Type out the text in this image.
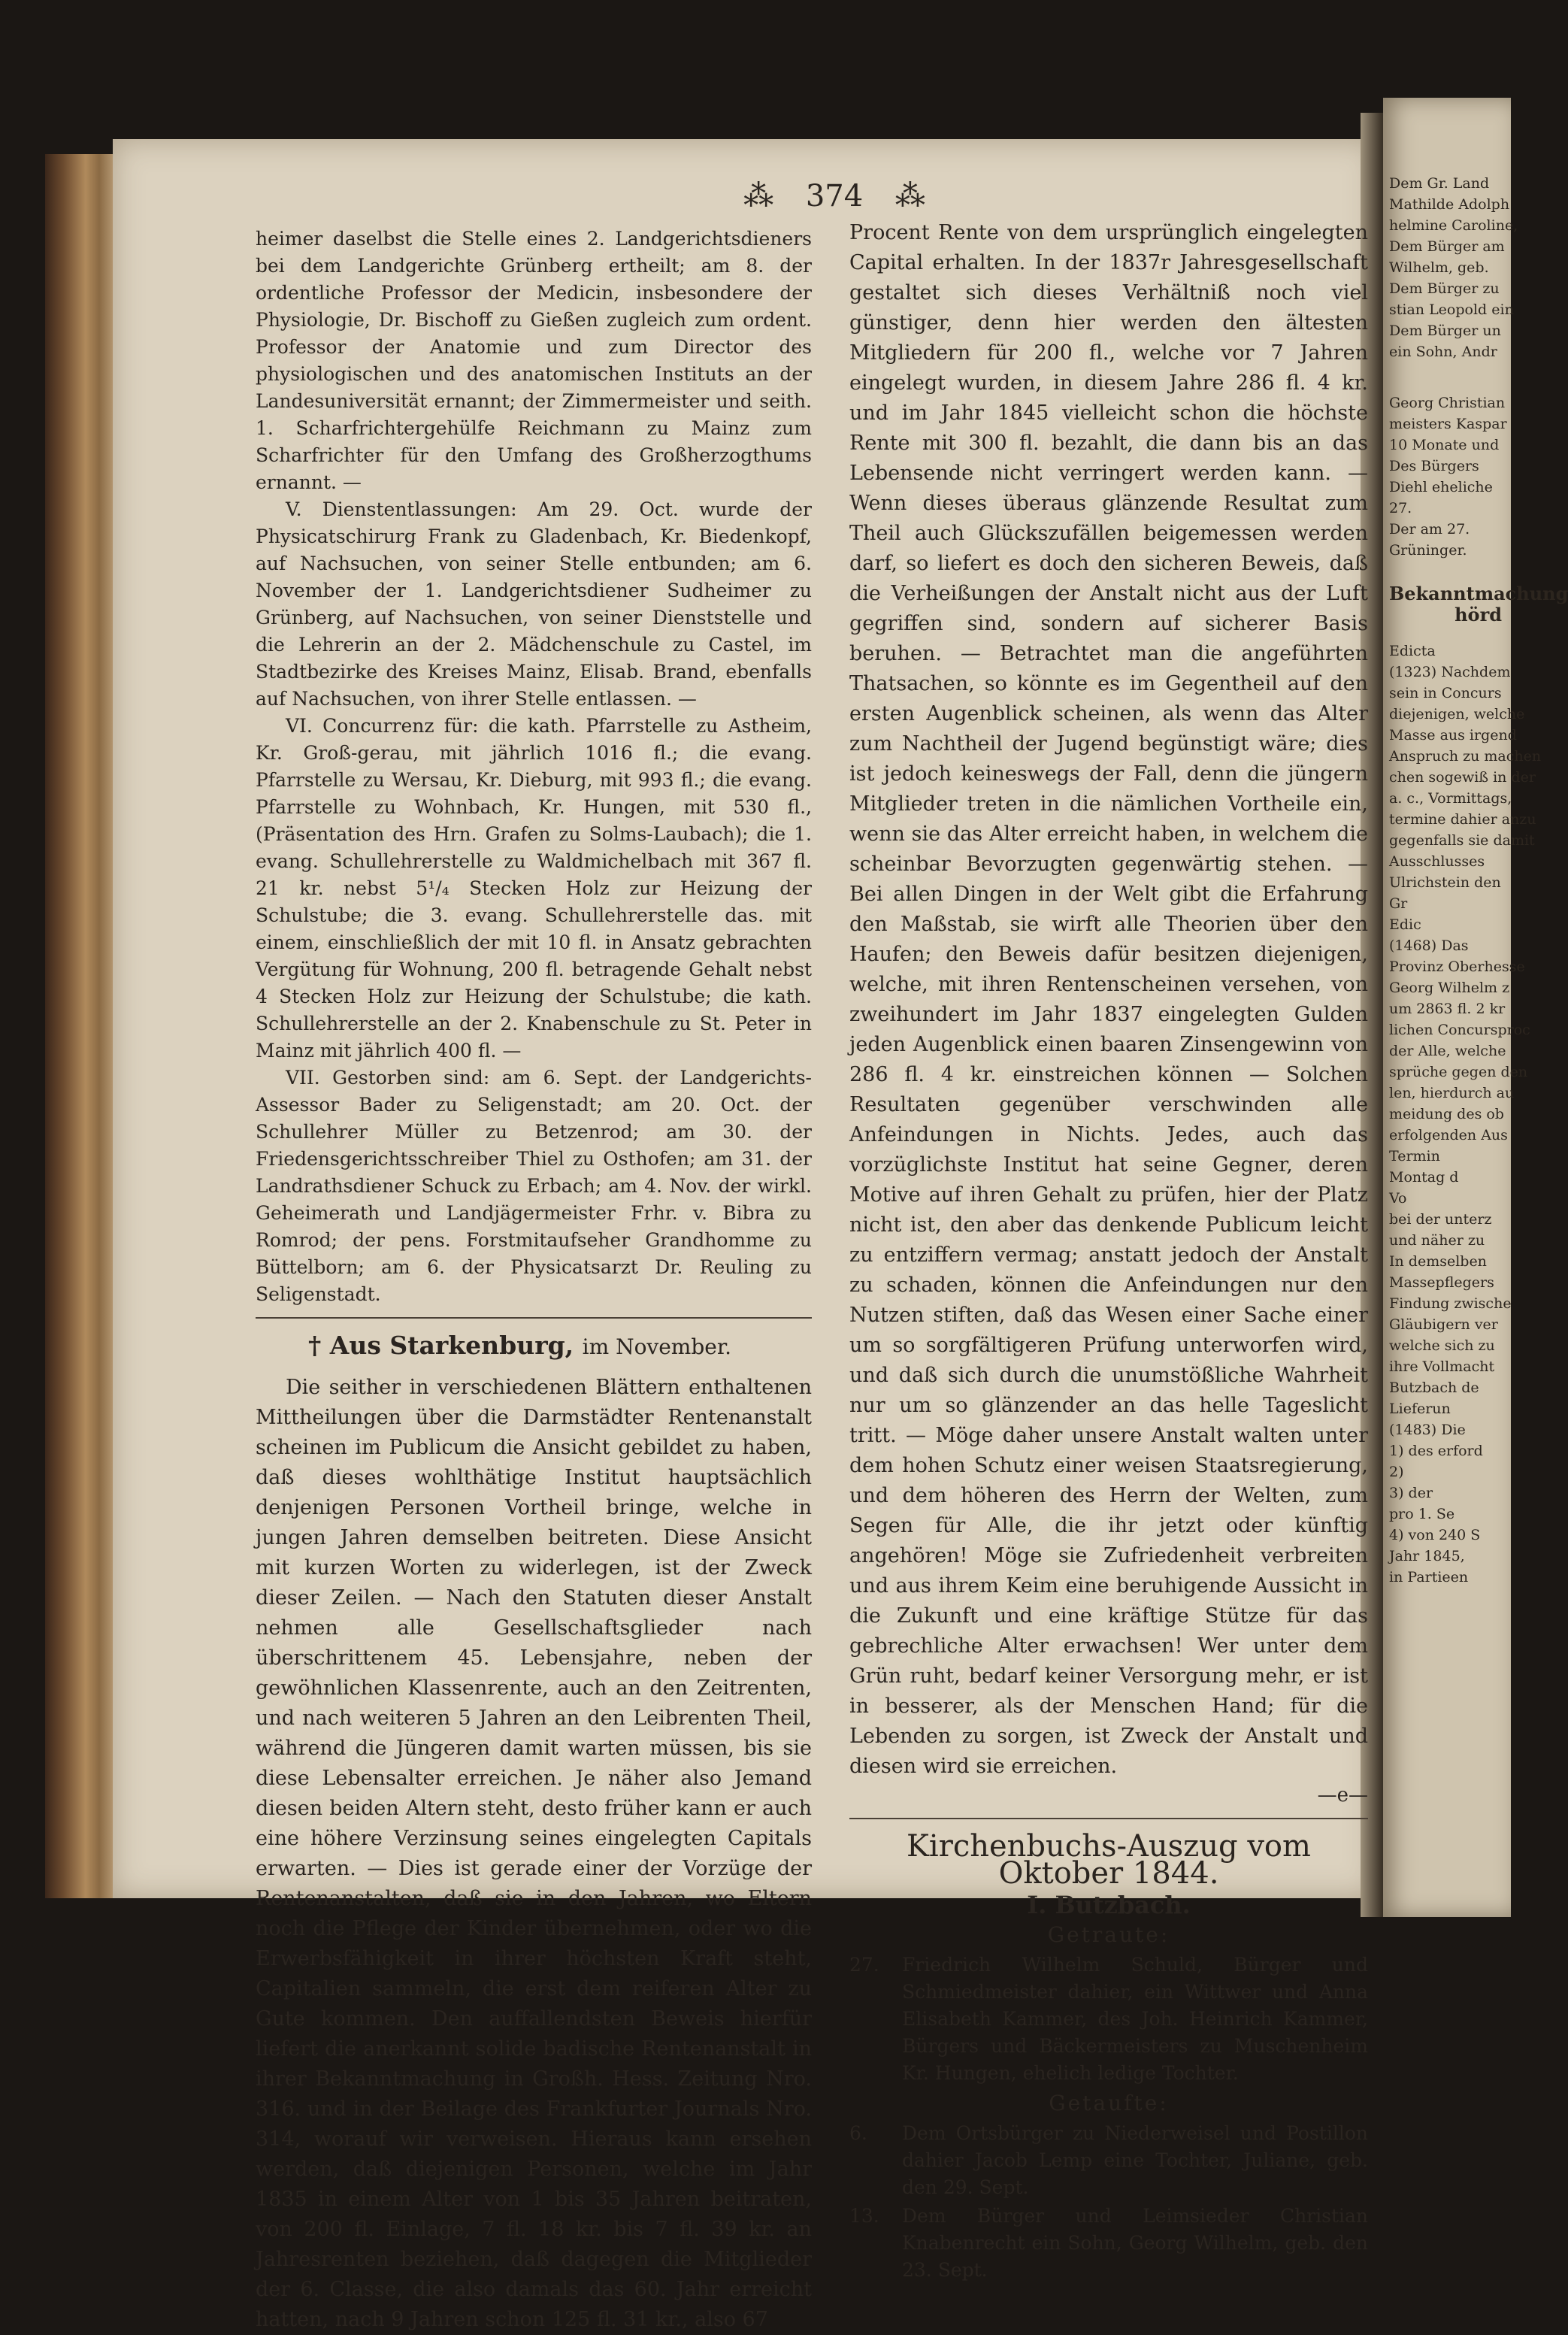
Dem Gr. Land
Mathilde Adolph
helmine Caroline,
Dem Bürger am
Wilhelm, geb.
Dem Bürger zu
stian Leopold ein
Dem Bürger un
ein Sohn, Andr
Georg Christian
meisters Kaspar
10 Monate und
Des Bürgers
Diehl eheliche
27.
Der am 27.
Grüninger.
Bekanntmachung
hörd
Edicta
(1323) Nachdem
sein in Concurs
diejenigen, welche
Masse aus irgend
Anspruch zu machen
chen sogewiß in der
a. c., Vormittags,
termine dahier anzu
gegenfalls sie damit
Ausschlusses
Ulrichstein den
Gr
Edic
(1468) Das
Provinz Oberhesse
Georg Wilhelm z
um 2863 fl. 2 kr
lichen Concursproc
der Alle, welche
sprüche gegen den
len, hierdurch au
meidung des ob
erfolgenden Aus
Termin
Montag d
Vo
bei der unterz
und näher zu
In demselben
Massepflegers
Findung zwische
Gläubigern ver
welche sich zu
ihre Vollmacht
Butzbach de
Lieferun
(1483) Die
1) des erford
2)
3) der
pro 1. Se
4) von 240 S
Jahr 1845,
in Partieen
⁂ 374 ⁂

heimer daselbst die Stelle eines 2. Landgerichtsdieners bei dem Landgerichte Grünberg ertheilt; am 8. der ordentliche Professor der Medicin, insbesondere der Physiologie, Dr. Bischoff zu Gießen zugleich zum ordent. Professor der Anatomie und zum Director des physiologischen und des anatomischen Instituts an der Landesuniversität ernannt; der Zimmermeister und seith. 1. Scharfrichtergehülfe Reichmann zu Mainz zum Scharfrichter für den Umfang des Großherzogthums ernannt. —

V. Dienstentlassungen: Am 29. Oct. wurde der Physicatschirurg Frank zu Gladenbach, Kr. Biedenkopf, auf Nachsuchen, von seiner Stelle entbunden; am 6. November der 1. Landgerichtsdiener Sudheimer zu Grünberg, auf Nachsuchen, von seiner Dienststelle und die Lehrerin an der 2. Mädchenschule zu Castel, im Stadtbezirke des Kreises Mainz, Elisab. Brand, ebenfalls auf Nachsuchen, von ihrer Stelle entlassen. —

VI. Concurrenz für: die kath. Pfarrstelle zu Astheim, Kr. Groß-gerau, mit jährlich 1016 fl.; die evang. Pfarrstelle zu Wersau, Kr. Dieburg, mit 993 fl.; die evang. Pfarrstelle zu Wohnbach, Kr. Hungen, mit 530 fl., (Präsentation des Hrn. Grafen zu Solms-Laubach); die 1. evang. Schullehrerstelle zu Waldmichelbach mit 367 fl. 21 kr. nebst 5¹/₄ Stecken Holz zur Heizung der Schulstube; die 3. evang. Schullehrerstelle das. mit einem, einschließlich der mit 10 fl. in Ansatz gebrachten Vergütung für Wohnung, 200 fl. betragende Gehalt nebst 4 Stecken Holz zur Heizung der Schulstube; die kath. Schullehrerstelle an der 2. Knabenschule zu St. Peter in Mainz mit jährlich 400 fl. —

VII. Gestorben sind: am 6. Sept. der Landgerichts-Assessor Bader zu Seligenstadt; am 20. Oct. der Schullehrer Müller zu Betzenrod; am 30. der Friedensgerichtsschreiber Thiel zu Osthofen; am 31. der Landrathsdiener Schuck zu Erbach; am 4. Nov. der wirkl. Geheimerath und Landjägermeister Frhr. v. Bibra zu Romrod; der pens. Forstmitaufseher Grandhomme zu Büttelborn; am 6. der Physicatsarzt Dr. Reuling zu Seligenstadt.

† Aus Starkenburg, im November.

Die seither in verschiedenen Blättern enthaltenen Mittheilungen über die Darmstädter Rentenanstalt scheinen im Publicum die Ansicht gebildet zu haben, daß dieses wohlthätige Institut hauptsächlich denjenigen Personen Vortheil bringe, welche in jungen Jahren demselben beitreten. Diese Ansicht mit kurzen Worten zu widerlegen, ist der Zweck dieser Zeilen. — Nach den Statuten dieser Anstalt nehmen alle Gesellschaftsglieder nach überschrittenem 45. Lebensjahre, neben der gewöhnlichen Klassenrente, auch an den Zeitrenten, und nach weiteren 5 Jahren an den Leibrenten Theil, während die Jüngeren damit warten müssen, bis sie diese Lebensalter erreichen. Je näher also Jemand diesen beiden Altern steht, desto früher kann er auch eine höhere Verzinsung seines eingelegten Capitals erwarten. — Dies ist gerade einer der Vorzüge der Rentenanstalten, daß sie in den Jahren, wo Eltern noch die Pflege der Kinder übernehmen, oder wo die Erwerbsfähigkeit in ihrer höchsten Kraft steht, Capitalien sammeln, die erst dem reiferen Alter zu Gute kommen. Den auffallendsten Beweis hierfür liefert die anerkannt solide badische Rentenanstalt in ihrer Bekanntmachung in Großh. Hess. Zeitung Nro. 316. und in der Beilage des Frankfurter Journals Nro. 314, worauf wir verweisen. Hieraus kann ersehen werden, daß diejenigen Personen, welche im Jahr 1835 in einem Alter von 1 bis 35 Jahren beitraten, von 200 fl. Einlage, 7 fl. 18 kr. bis 7 fl. 39 kr. an Jahresrenten beziehen, daß dagegen die Mitglieder der 6. Classe, die also damals das 60. Jahr erreicht hatten, nach 9 Jahren schon 125 fl. 31 kr., also 67

Procent Rente von dem ursprünglich eingelegten Capital erhalten. In der 1837r Jahresgesellschaft gestaltet sich dieses Verhältniß noch viel günstiger, denn hier werden den ältesten Mitgliedern für 200 fl., welche vor 7 Jahren eingelegt wurden, in diesem Jahre 286 fl. 4 kr. und im Jahr 1845 vielleicht schon die höchste Rente mit 300 fl. bezahlt, die dann bis an das Lebensende nicht verringert werden kann. — Wenn dieses überaus glänzende Resultat zum Theil auch Glückszufällen beigemessen werden darf, so liefert es doch den sicheren Beweis, daß die Verheißungen der Anstalt nicht aus der Luft gegriffen sind, sondern auf sicherer Basis beruhen. — Betrachtet man die angeführten Thatsachen, so könnte es im Gegentheil auf den ersten Augenblick scheinen, als wenn das Alter zum Nachtheil der Jugend begünstigt wäre; dies ist jedoch keineswegs der Fall, denn die jüngern Mitglieder treten in die nämlichen Vortheile ein, wenn sie das Alter erreicht haben, in welchem die scheinbar Bevorzugten gegenwärtig stehen. — Bei allen Dingen in der Welt gibt die Erfahrung den Maßstab, sie wirft alle Theorien über den Haufen; den Beweis dafür besitzen diejenigen, welche, mit ihren Rentenscheinen versehen, von zweihundert im Jahr 1837 eingelegten Gulden jeden Augenblick einen baaren Zinsengewinn von 286 fl. 4 kr. einstreichen können — Solchen Resultaten gegenüber verschwinden alle Anfeindungen in Nichts. Jedes, auch das vorzüglichste Institut hat seine Gegner, deren Motive auf ihren Gehalt zu prüfen, hier der Platz nicht ist, den aber das denkende Publicum leicht zu entziffern vermag; anstatt jedoch der Anstalt zu schaden, können die Anfeindungen nur den Nutzen stiften, daß das Wesen einer Sache einer um so sorgfältigeren Prüfung unterworfen wird, und daß sich durch die unumstößliche Wahrheit nur um so glänzender an das helle Tageslicht tritt. — Möge daher unsere Anstalt walten unter dem hohen Schutz einer weisen Staatsregierung, und dem höheren des Herrn der Welten, zum Segen für Alle, die ihr jetzt oder künftig angehören! Möge sie Zufriedenheit verbreiten und aus ihrem Keim eine beruhigende Aussicht in die Zukunft und eine kräftige Stütze für das gebrechliche Alter erwachsen! Wer unter dem Grün ruht, bedarf keiner Versorgung mehr, er ist in besserer, als der Menschen Hand; für die Lebenden zu sorgen, ist Zweck der Anstalt und diesen wird sie erreichen.

—e—
Kirchenbuchs-Auszug vom Oktober 1844.
I. Butzbach.
Getraute:
27.	Friedrich Wilhelm Schuld, Bürger und Schmiedmeister dahier, ein Wittwer und Anna Elisabeth Kammer, des Joh. Heinrich Kammer, Bürgers und Bäckermeisters zu Muschenheim Kr. Hungen, ehelich ledige Tochter.
Getaufte:
6.	Dem Ortsbürger zu Niederweisel und Postillon dahier Jacob Lemp eine Tochter, Juliane, geb. den 29. Sept.
13.	Dem Bürger und Leimsieder Christian Knabenrecht ein Sohn, Georg Wilhelm, geb. den 23. Sept.
